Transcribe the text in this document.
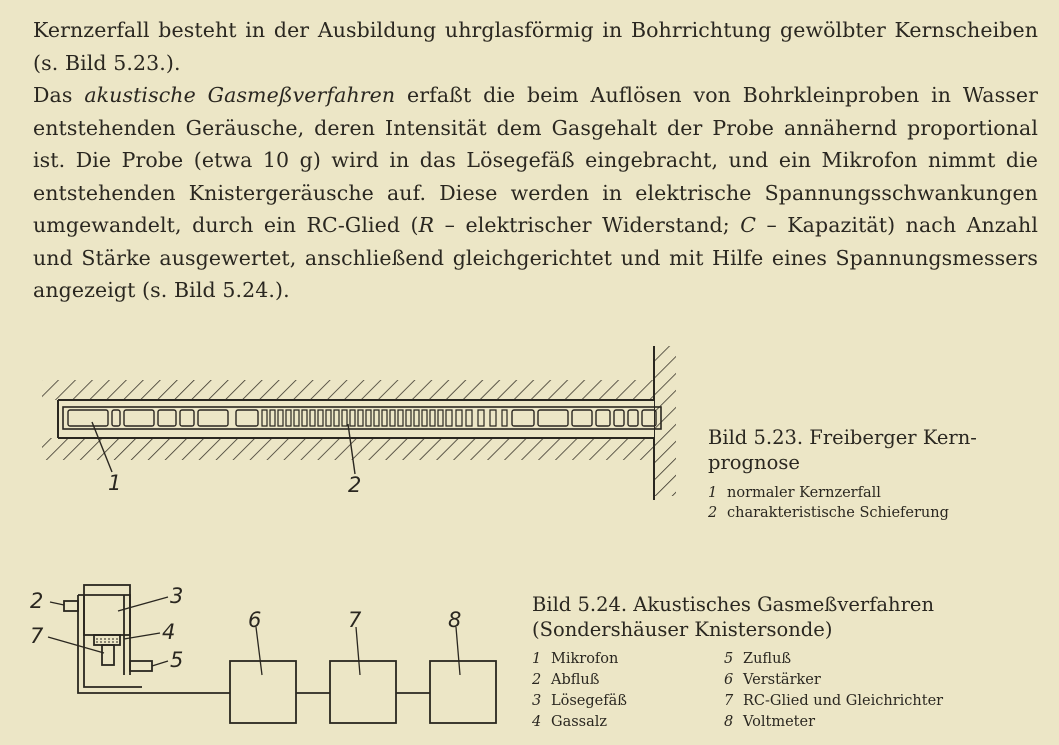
Kernzerfall besteht in der Ausbildung uhrglasförmig in Bohrrichtung gewölbter Kernscheiben (s. Bild 5.23.).

Das akustische Gasmeßverfahren erfaßt die beim Auflösen von Bohrkleinproben in Wasser entstehenden Geräusche, deren Intensität dem Gasgehalt der Probe annähernd proportional ist. Die Probe (etwa 10 g) wird in das Lösegefäß eingebracht, und ein Mikrofon nimmt die entstehenden Knistergeräusche auf. Diese werden in elektrische Spannungsschwankungen umgewandelt, durch ein RC-Glied (R – elektrischer Widerstand; C – Kapazität) nach Anzahl und Stärke ausgewertet, anschließend gleichgerichtet und mit Hilfe eines Spannungsmessers angezeigt (s. Bild 5.24.).

1	2
Bild 5.23. Freiberger Kern-
prognose
1 normaler Kernzerfall
2 charakteristische Schieferung
2	3
7	4
5
6	7	8
Bild 5.24. Akustisches Gasmeßverfahren
(Sondershäuser Knistersonde)
1 Mikrofon	5 Zufluß
2 Abfluß	6 Verstärker
3 Lösegefäß	7 RC-Glied und Gleichrichter
4 Gassalz	8 Voltmeter
